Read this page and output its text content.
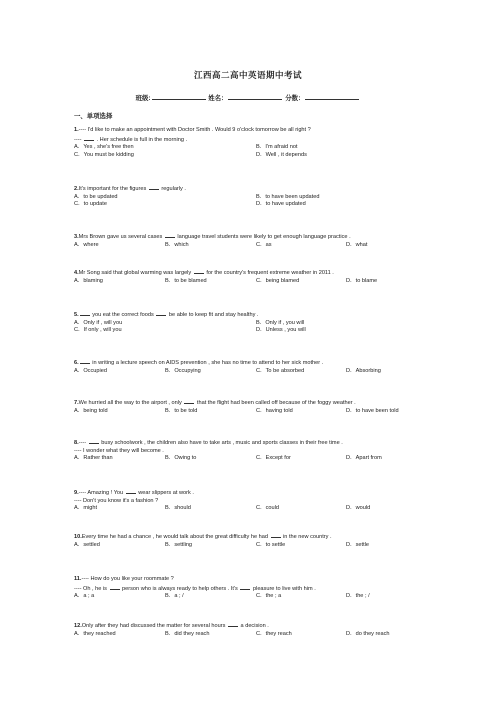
江西高二高中英语期中考试
班级:	姓名：	分数：
一、单项选择
1.---- I'd like to make an appointment with Doctor Smith . Would 9 o'clock tomorrow be all right ?
----  . Her schedule is full in the morning .
A．Yes , she's free then	B．I'm afraid not
C．You must be kidding	D．Well , it depends
2.It's important for the figures  regularly .
A．to be updated	B．to have been updated
C．to update	D．to have updated
3.Mrs Brown gave us several cases  language travel students were likely to get enough language practice .
A．where	B．which	C．as	D．what
4.Mr Song said that global warming was largely  for the country's frequent extreme weather in 2011 .
A．blaming	B．to be blamed	C．being blamed	D．to blame
5. you eat the correct foods  be able to keep fit and stay healthy .
A．Only if , will you	B．Only if , you will
C．If only , will you	D．Unless , you will
6. in writing a lecture speech on AIDS prevention , she has no time to attend to her sick mother .
A．Occupied	B．Occupying	C．To be absorbed	D．Absorbing
7.We hurried all the way to the airport , only  that the flight had been called off because of the foggy weather .
A．being told	B．to be told	C．having told	D．to have been told
8.----  busy schoolwork , the children also have to take arts , music and sports classes in their free time .
---- I wonder what they will become .
A．Rather than	B．Owing to	C．Except for	D．Apart from
9.---- Amazing ! You  wear slippers at work .
---- Don't you know it's a fashion ?
A．might	B．should	C．could	D．would
10.Every time he had a chance , he would talk about the great difficulty he had  in the new country .
A．settled	B．settling	C．to settle	D．settle
11.---- How do you like your roommate ?
---- Oh , he is  person who is always ready to help others . It's  pleasure to live with him .
A．a ; a	B．a ; /	C．the ; a	D．the ; /
12.Only after they had discussed the matter for several hours  a decision .
A．they reached	B．did they reach	C．they reach	D．do they reach
